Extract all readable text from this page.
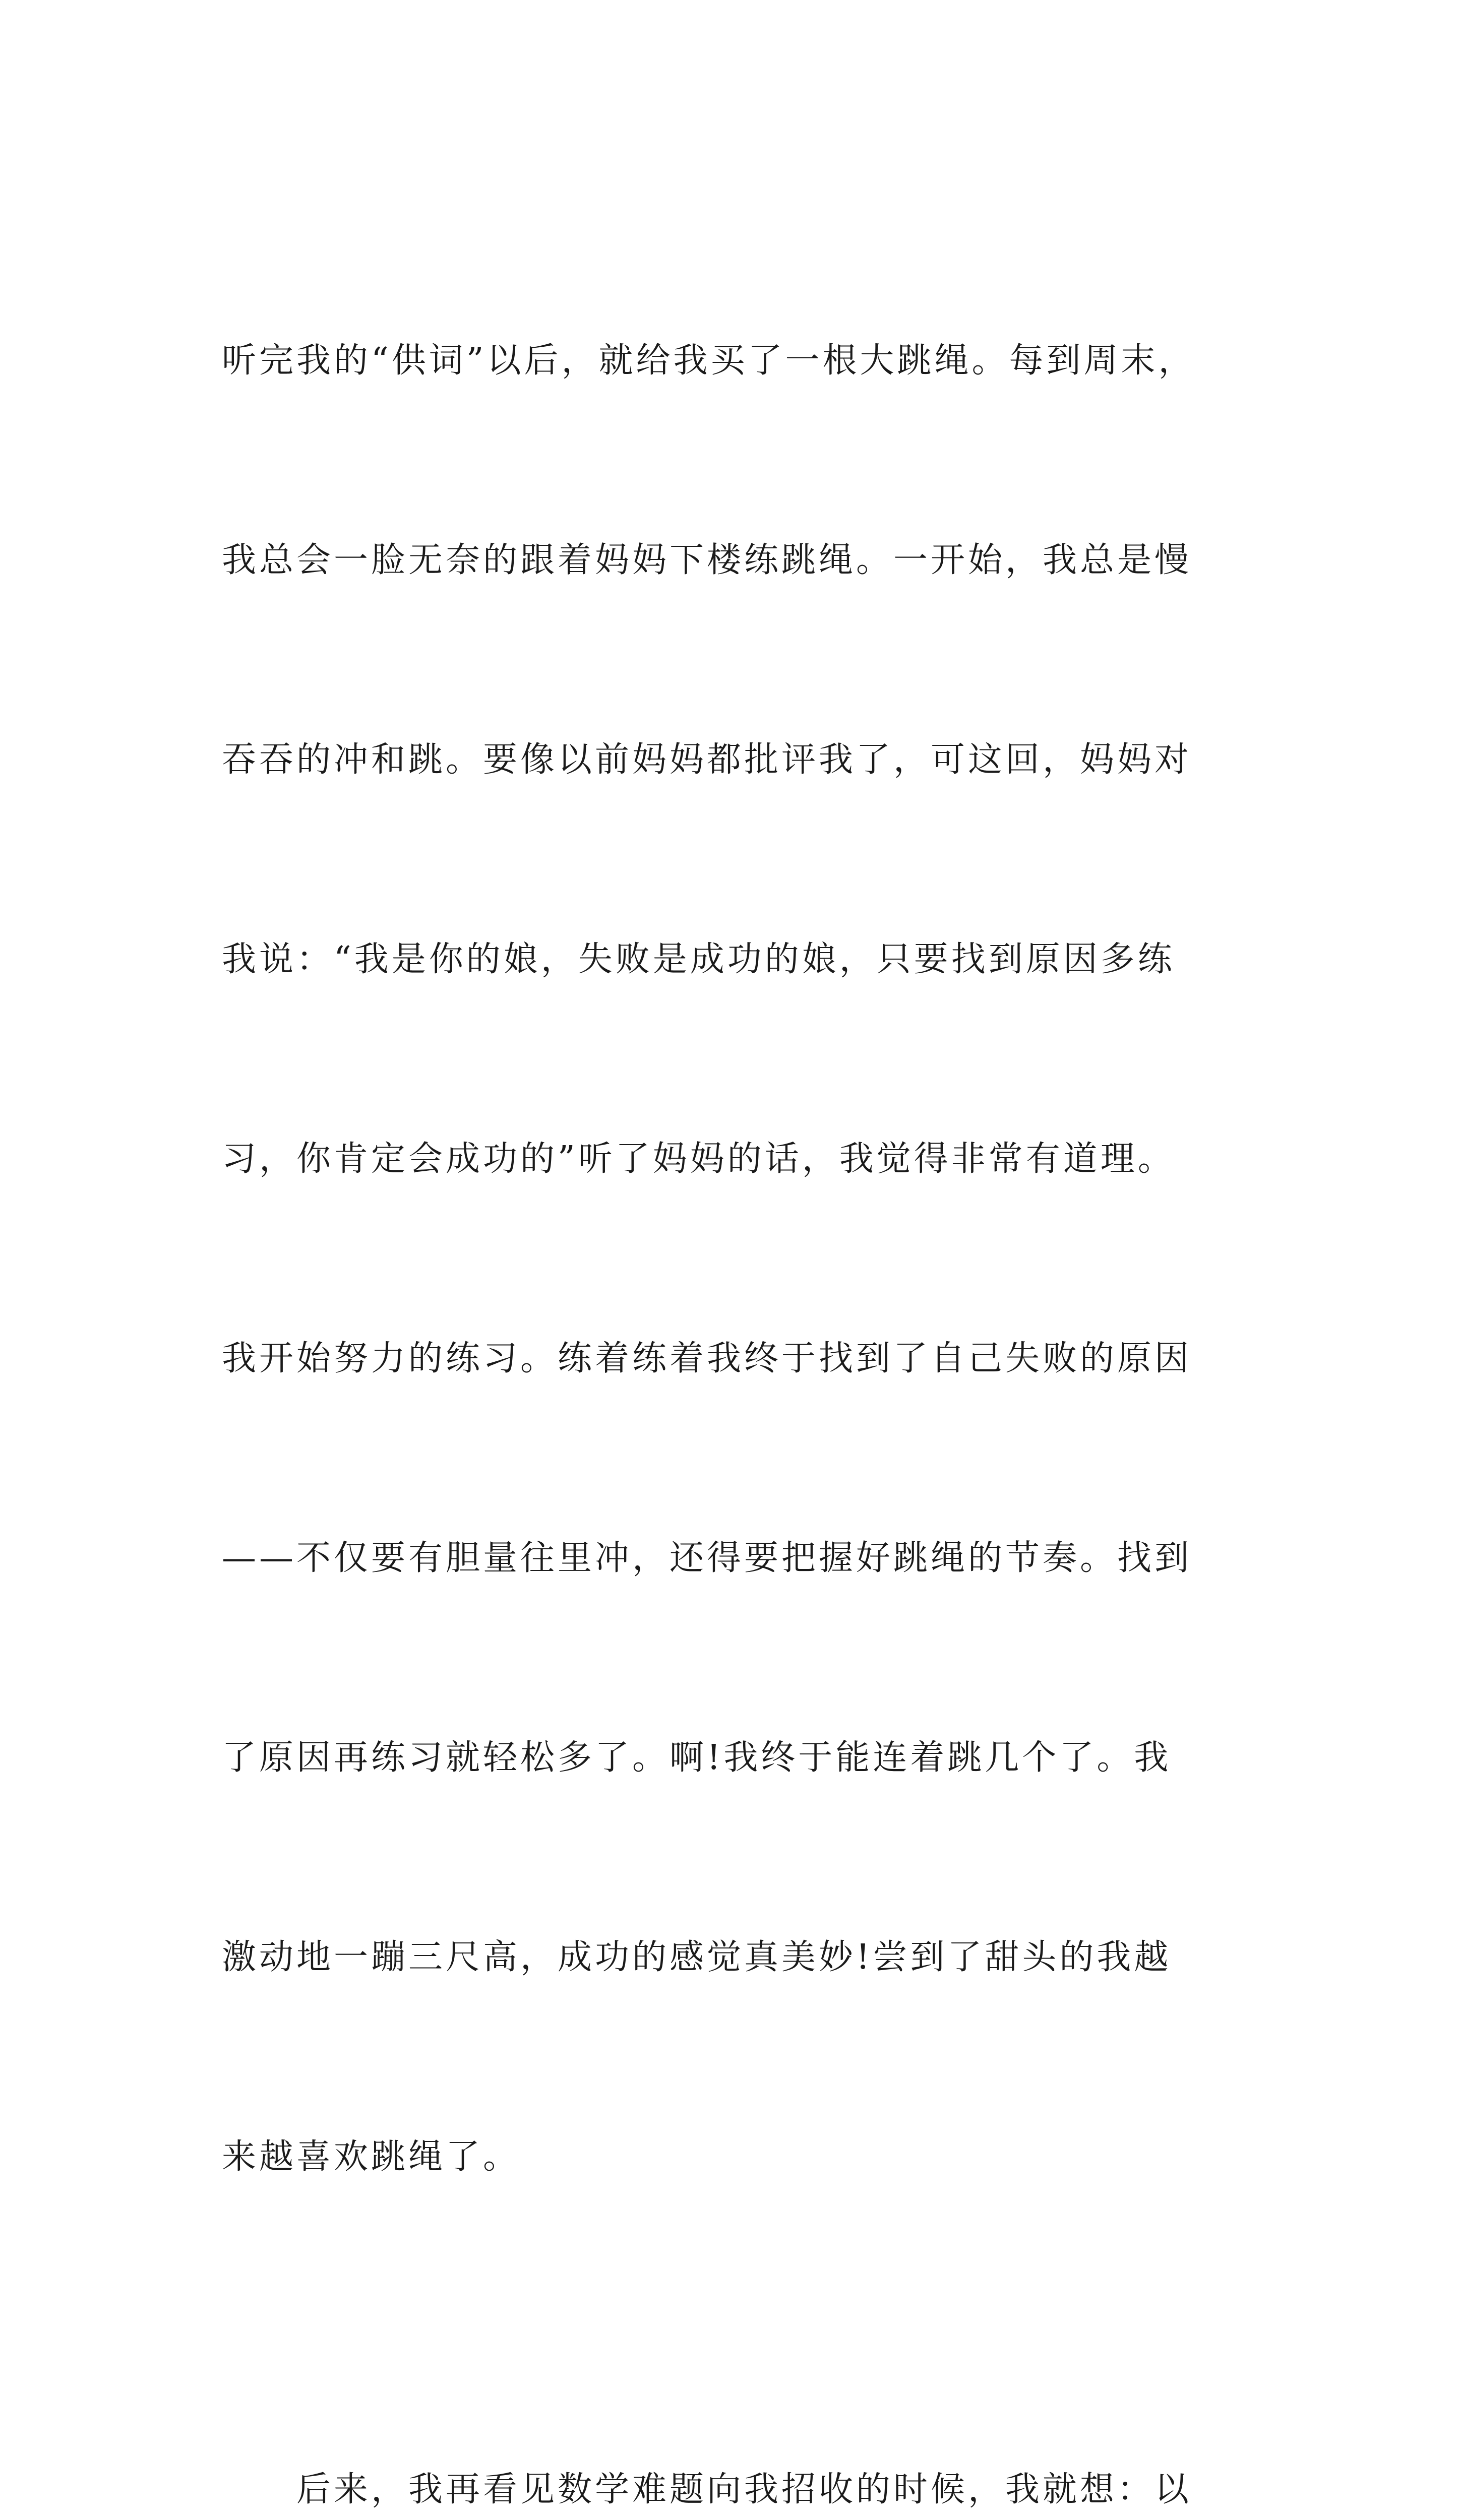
听完我的“供词”以后，就给我买了一根大跳绳。每到周末，

我总会一脸无奈的跟着妈妈下楼练跳绳。一开始，我总是慢

吞吞的冲和跳。要像以前妈妈都批评我了，可这回，妈妈对

我说：“我是你的娘，失败是成功的娘，只要找到原因多练

习，你肯定会成功的”听了妈妈的话，我觉得非常有道理。

我开始努力的练习。练着练着我终于找到了自己失败的原因

——不仅要有胆量往里冲，还得要把握好跳绳的节奏。找到

了原因再练习就轻松多了。啊!我终于能连着跳几个了。我

激动地一蹦三尺高，成功的感觉真美妙!尝到了甜头的我越

来越喜欢跳绳了。

　　后来，我再看见数学难题向我招收的时候，我就想：以
